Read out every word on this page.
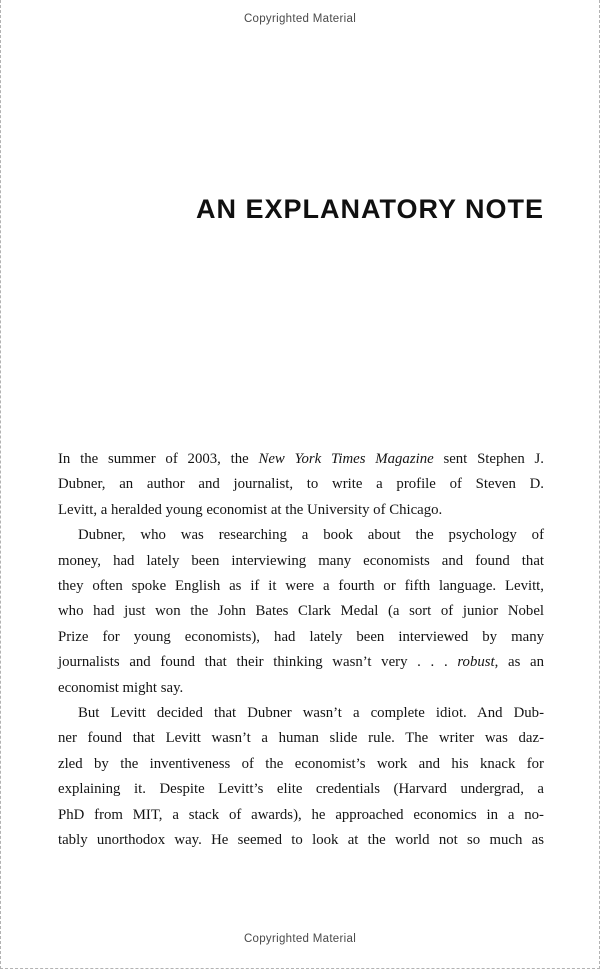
Copyrighted Material
AN EXPLANATORY NOTE
In the summer of 2003, the New York Times Magazine sent Stephen J.
Dubner, an author and journalist, to write a profile of Steven D.
Levitt, a heralded young economist at the University of Chicago.
Dubner, who was researching a book about the psychology of
money, had lately been interviewing many economists and found that
they often spoke English as if it were a fourth or fifth language. Levitt,
who had just won the John Bates Clark Medal (a sort of junior Nobel
Prize for young economists), had lately been interviewed by many
journalists and found that their thinking wasn’t very . . . robust, as an
economist might say.
But Levitt decided that Dubner wasn’t a complete idiot. And Dub-
ner found that Levitt wasn’t a human slide rule. The writer was daz-
zled by the inventiveness of the economist’s work and his knack for
explaining it. Despite Levitt’s elite credentials (Harvard undergrad, a
PhD from MIT, a stack of awards), he approached economics in a no-
tably unorthodox way. He seemed to look at the world not so much as
Copyrighted Material
